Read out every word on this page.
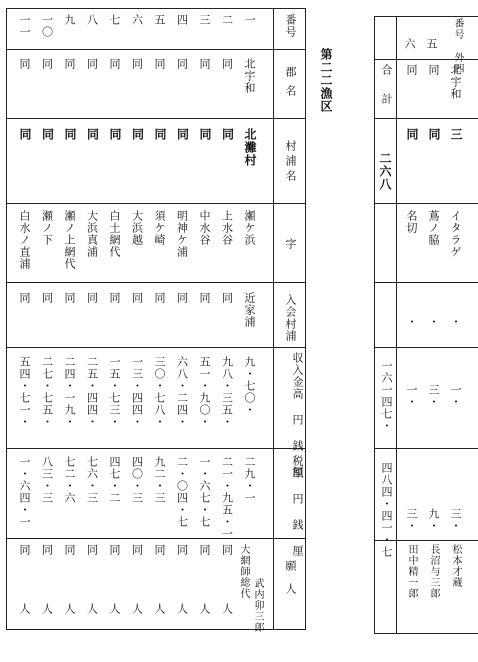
番号
郡名
村浦名
字
入会村浦
収入金高 円 銭 厘
税額 円 銭 厘
願人
一
北宇和
北灘村
瀬ケ浜
近家浦
九・七〇・
二九・一
大網師総代
武内卯三郎
二
同
同
上水谷
同
九八・三五・
二一・九五・一
同人
三
同
同
中水谷
同
五一・九〇・
一・六七・七
同人
四
同
同
明神ケ浦
同
六八・二四・
二・〇四・七
同人
五
同
同
須ケ崎
同
三〇・七八・
九二・三
同人
六
同
同
大浜越
同
一三・四四・
四〇・三
同人
七
同
同
白土網代
同
一五・七三・
四七・二
同人
八
同
同
大浜真浦
同
二五・四四・
七六・三
同人
九
同
同
瀬ノ上網代
同
二四・一九・
七二・六
同人
一〇
同
同
瀬ノ下
同
二七・七五・
八三・三
同人
一一
同
同
白水ノ直浦
同
五四・七一・
一・六四・一
同人
第二二漁区
番号 外四
合計
二六八
一六一四七・
四八四・四一・七
北宇和
イタラゲ
・
一・
三・
松本才蔵
三
同
蔦ノ脇
・
三・
九・
長沼与三郎
五
同
同
名切
・
一・
三・
田中精一郎
六
同
